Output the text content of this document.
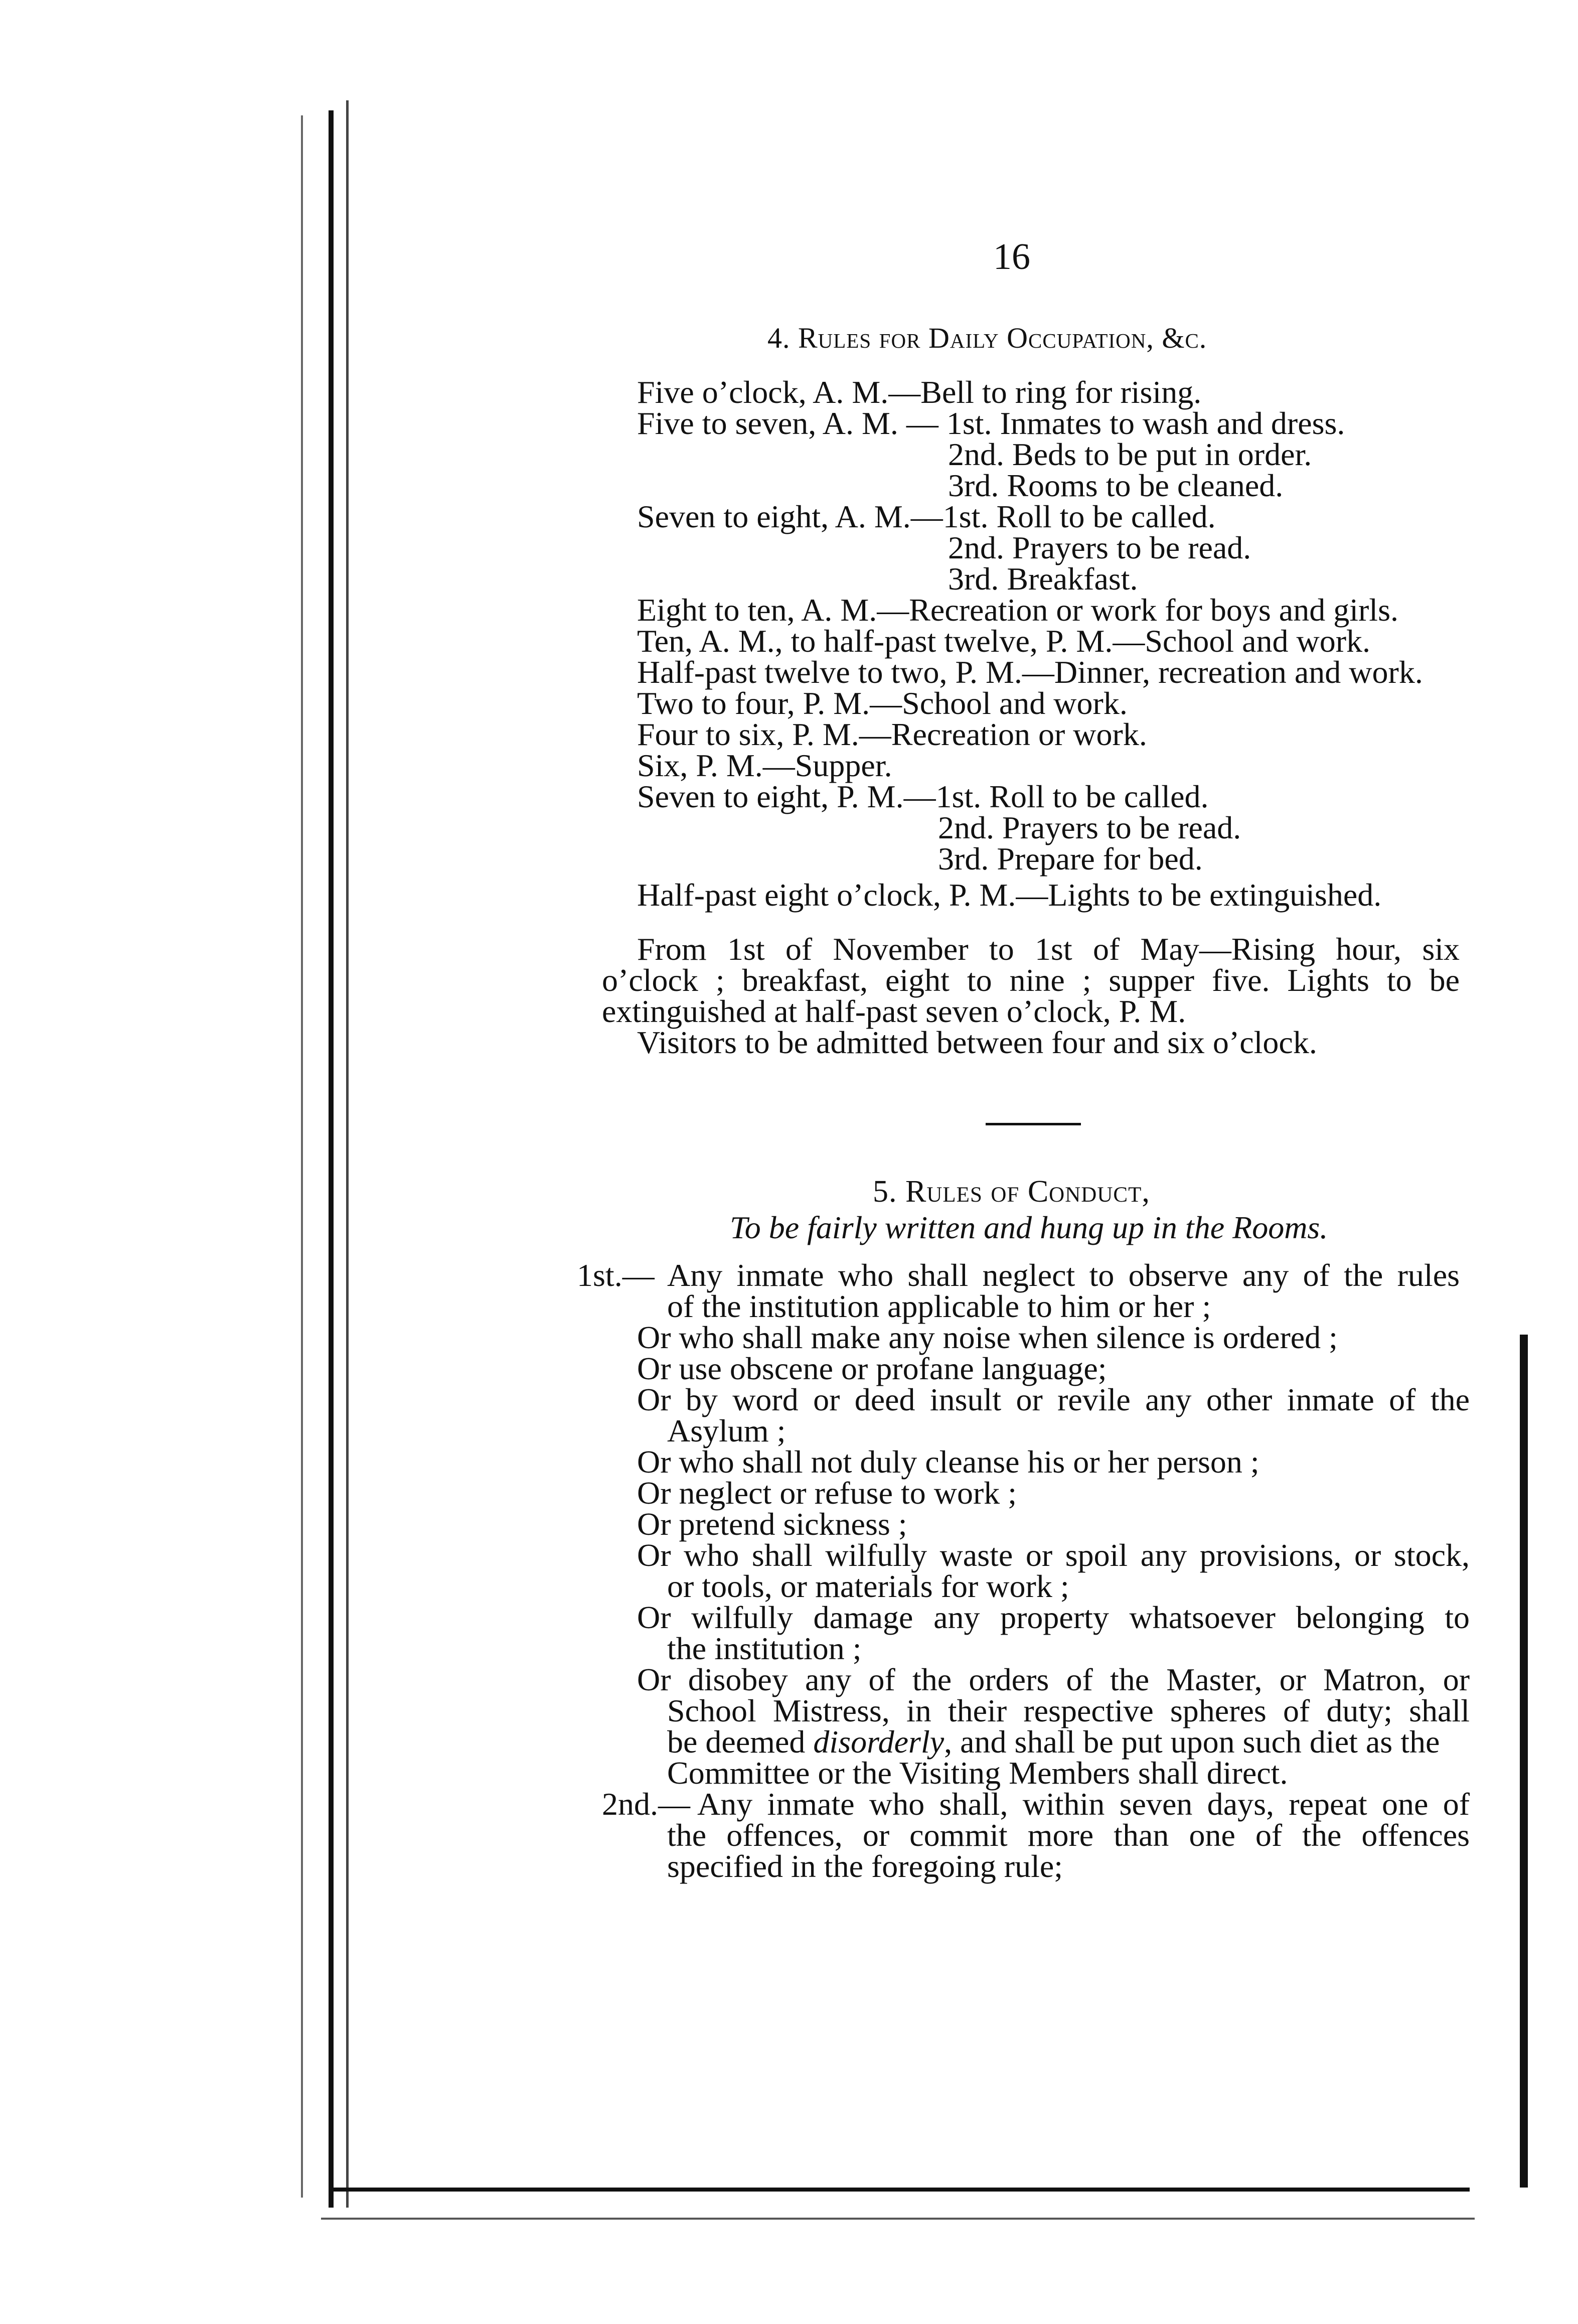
16
4. Rules for Daily Occupation, &c.
Five o’clock, A. M.—Bell to ring for rising.
Five to seven, A. M. — 1st. Inmates to wash and dress.
2nd. Beds to be put in order.
3rd. Rooms to be cleaned.
Seven to eight, A. M.—1st. Roll to be called.
2nd. Prayers to be read.
3rd. Breakfast.
Eight to ten, A. M.—Recreation or work for boys and girls.
Ten, A. M., to half-past twelve, P. M.—School and work.
Half-past twelve to two, P. M.—Dinner, recreation and work.
Two to four, P. M.—School and work.
Four to six, P. M.—Recreation or work.
Six, P. M.—Supper.
Seven to eight, P. M.—1st. Roll to be called.
2nd. Prayers to be read.
3rd. Prepare for bed.
Half-past eight o’clock, P. M.—Lights to be extinguished.
From 1st of November to 1st of May—Rising hour, six
o’clock ; breakfast, eight to nine ; supper five. Lights to be
extinguished at half-past seven o’clock, P. M.
Visitors to be admitted between four and six o’clock.
5. Rules of Conduct,
To be fairly written and hung up in the Rooms.
1st.— Any inmate who shall neglect to observe any of the rules
of the institution applicable to him or her ;
Or who shall make any noise when silence is ordered ;
Or use obscene or profane language;
Or by word or deed insult or revile any other inmate of the
Asylum ;
Or who shall not duly cleanse his or her person ;
Or neglect or refuse to work ;
Or pretend sickness ;
Or who shall wilfully waste or spoil any provisions, or stock,
or tools, or materials for work ;
Or wilfully damage any property whatsoever belonging to
the institution ;
Or disobey any of the orders of the Master, or Matron, or
School Mistress, in their respective spheres of duty; shall
be deemed disorderly, and shall be put upon such diet as the
Committee or the Visiting Members shall direct.
2nd.— Any inmate who shall, within seven days, repeat one of
the offences, or commit more than one of the offences
specified in the foregoing rule;
